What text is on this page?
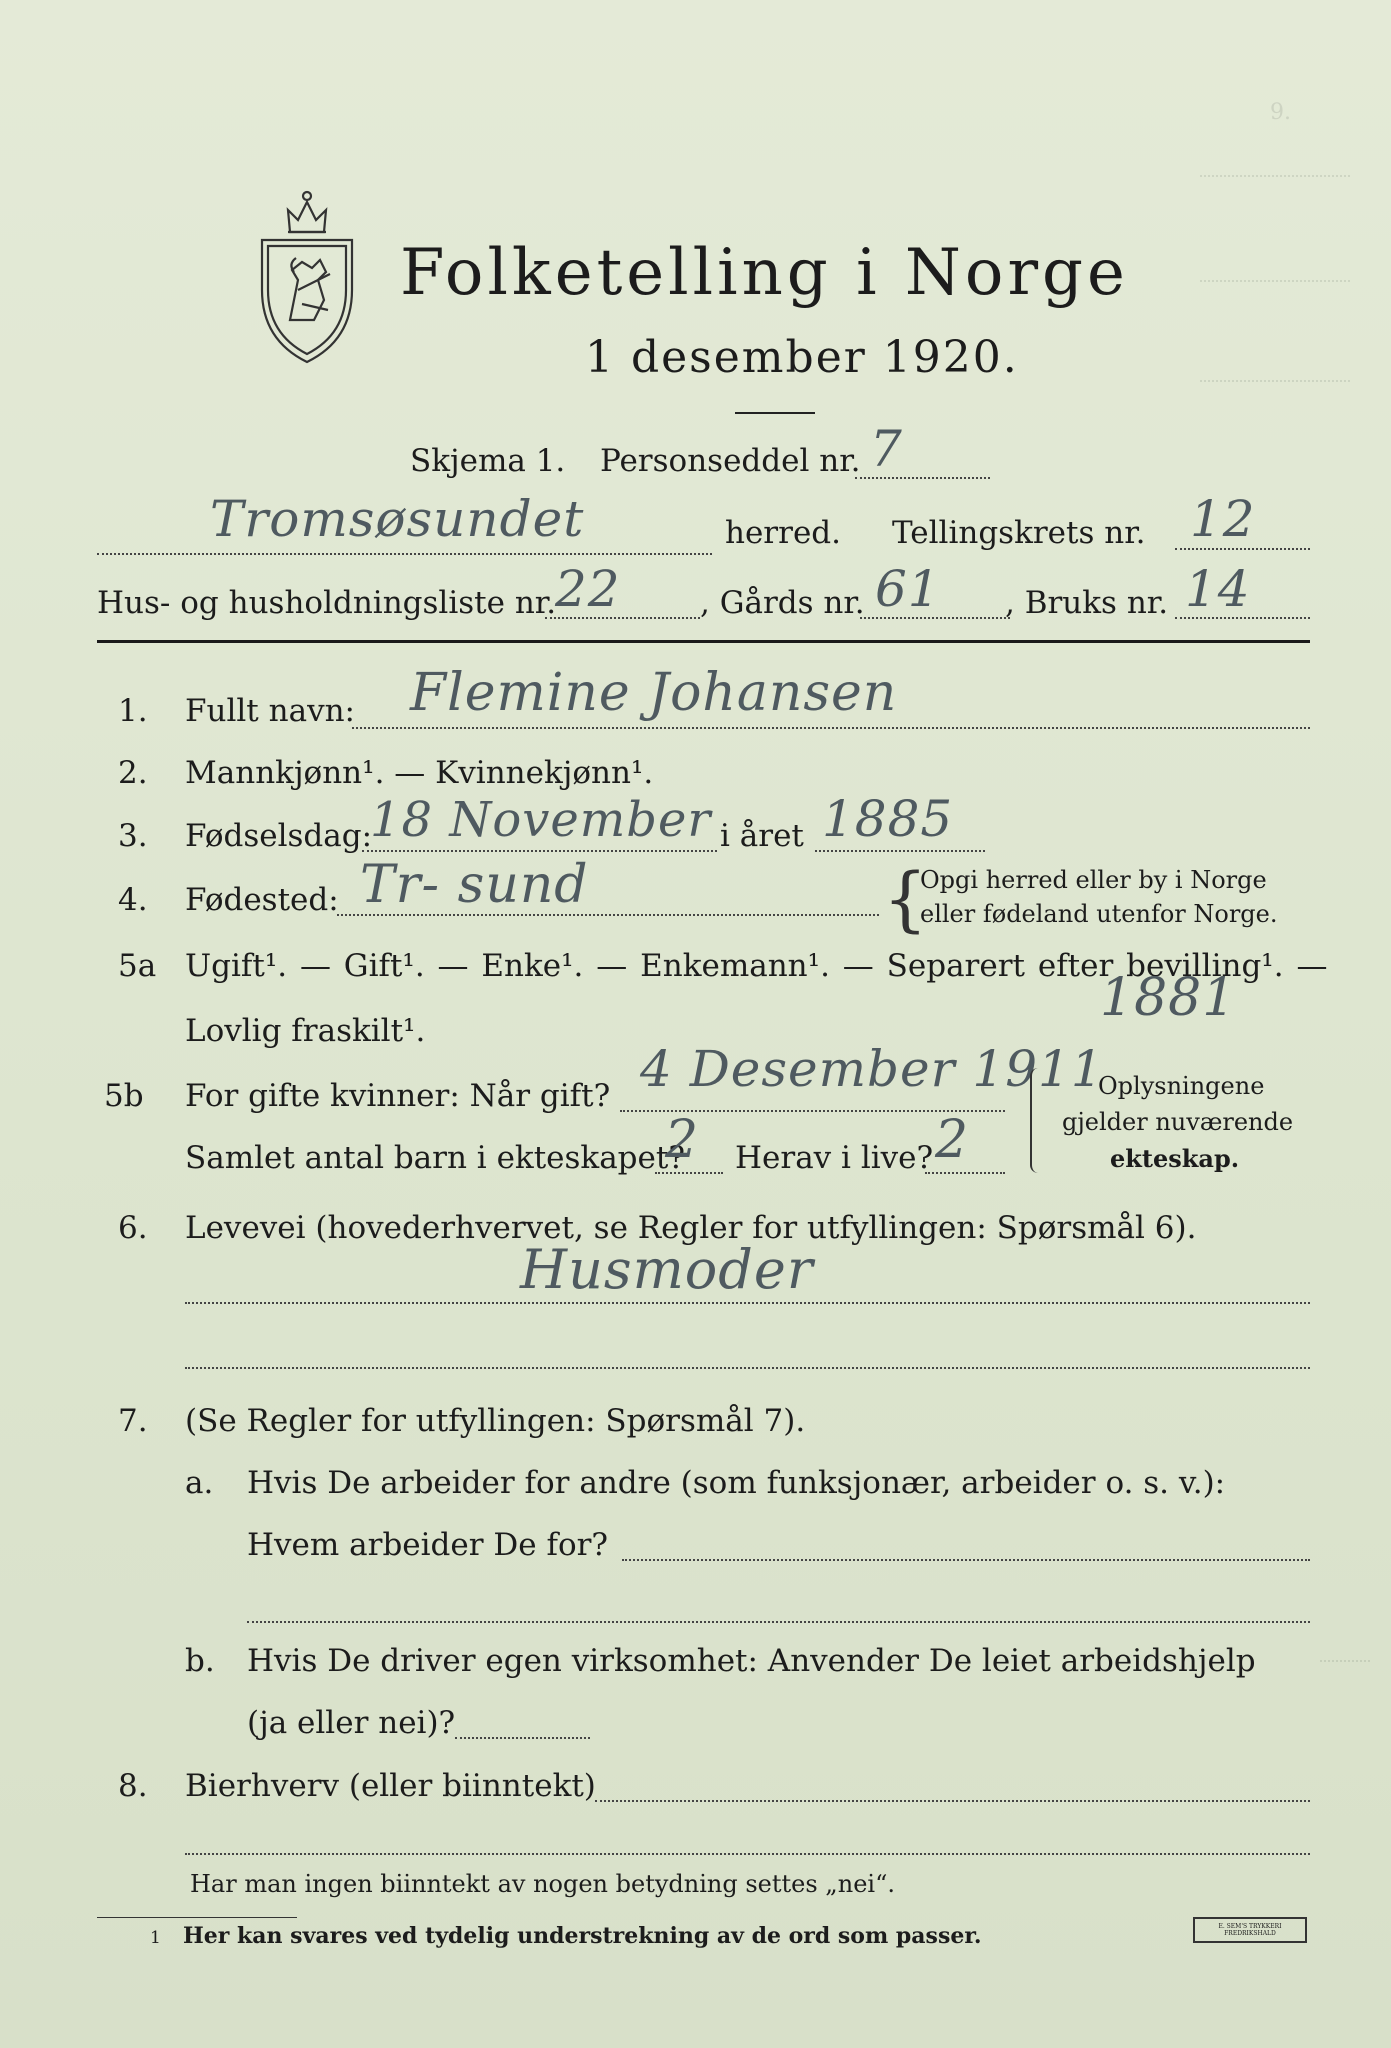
9.
Folketelling i Norge
1 desember 1920.
Skjema 1. Personseddel nr. 7
Tromsøsundet	herred. Tellingskrets nr. 12
Hus- og husholdningsliste nr.
22	, Gårds nr. 61 , Bruks nr. 14
1. Fullt navn: Flemine Johansen
2. Mannkjønn¹. — Kvinnekjønn¹.
3. Fødselsdag:
18 November i året 1885
4. Fødested: Tr- sund	{
Opgi herred eller by i Norge
eller fødeland utenfor Norge.
5a Ugift¹. — Gift¹. — Enke¹. — Enkemann¹. — Separert efter bevilling¹. —
Lovlig fraskilt¹.
1881
5b For gifte kvinner: Når gift? 4 Desember 1911
Samlet antal barn i ekteskapet?
2 Herav i live? 2
Oplysningene
gjelder nuværende
ekteskap.
6. Levevei (hovederhvervet, se Regler for utfyllingen: Spørsmål 6).
Husmoder
7. (Se Regler for utfyllingen: Spørsmål 7).
a. Hvis De arbeider for andre (som funksjonær, arbeider o. s. v.):
Hvem arbeider De for?
b. Hvis De driver egen virksomhet: Anvender De leiet arbeidshjelp
(ja eller nei)?
8. Bierhverv (eller biinntekt)
Har man ingen biinntekt av nogen betydning settes „nei“.
1 Her kan svares ved tydelig understrekning av de ord som passer.	E. SEM'S TRYKKERI FREDRIKSHALD
